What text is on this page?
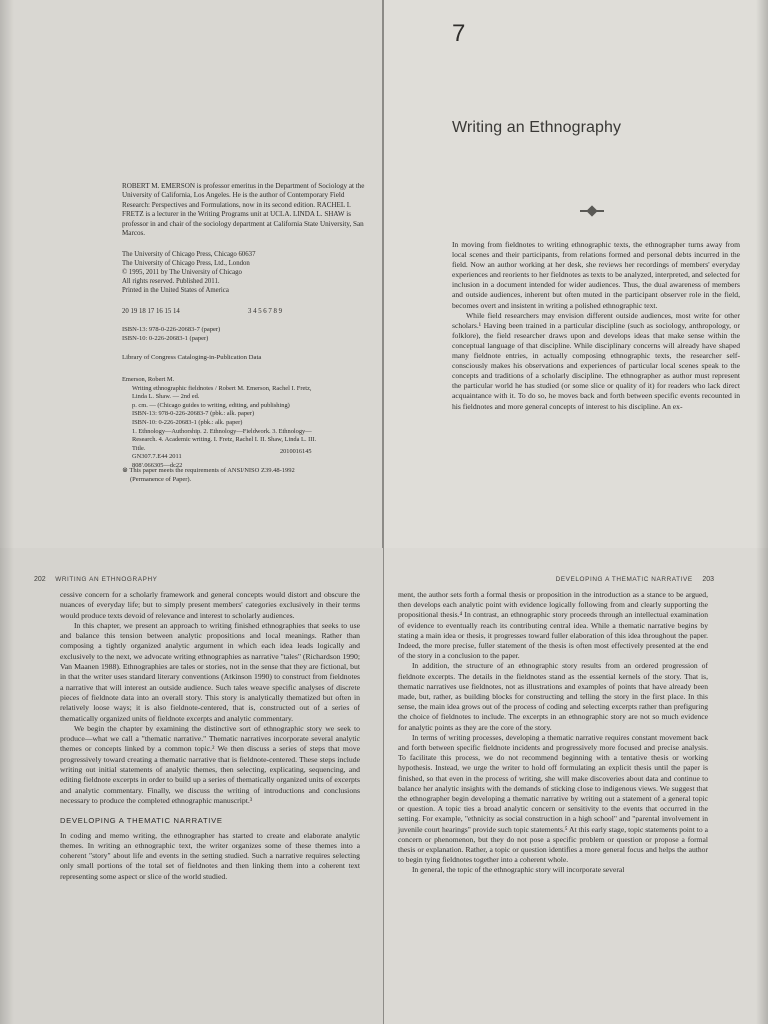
ROBERT M. EMERSON is professor emeritus in the Department of Sociology at the University of California, Los Angeles. He is the author of Contemporary Field Research: Perspectives and Formulations, now in its second edition. RACHEL I. FRETZ is a lecturer in the Writing Programs unit at UCLA. LINDA L. SHAW is professor in and chair of the sociology department at California State University, San Marcos.

The University of Chicago Press, Chicago 60637

The University of Chicago Press, Ltd., London

© 1995, 2011 by The University of Chicago

All rights reserved. Published 2011.

Printed in the United States of America

20 19 18 17 16 15 14	3 4 5 6 7 8 9

ISBN-13: 978-0-226-20683-7 (paper)

ISBN-10: 0-226-20683-1 (paper)

Library of Congress Cataloging-in-Publication Data

Emerson, Robert M.

Writing ethnographic fieldnotes / Robert M. Emerson, Rachel I. Fretz,

Linda L. Shaw. — 2nd ed.

p. cm. — (Chicago guides to writing, editing, and publishing)

ISBN-13: 978-0-226-20683-7 (pbk.: alk. paper)

ISBN-10: 0-226-20683-1 (pbk.: alk. paper)

1. Ethnology—Authorship. 2. Ethnology—Fieldwork. 3. Ethnology—

Research. 4. Academic writing. I. Fretz, Rachel I. II. Shaw, Linda L. III. Title.

GN307.7.E44 2011

808'.066305—dc22

2010016145

⊚ This paper meets the requirements of ANSI/NISO Z39.48-1992

(Permanence of Paper).

7
Writing an Ethnography

In moving from fieldnotes to writing ethnographic texts, the ethnographer turns away from local scenes and their participants, from relations formed and personal debts incurred in the field. Now an author working at her desk, she reviews her recordings of members' everyday experiences and reorients to her fieldnotes as texts to be analyzed, interpreted, and selected for inclusion in a document intended for wider audiences. Thus, the dual awareness of members and outside audiences, inherent but often muted in the participant observer role in the field, becomes overt and insistent in writing a polished ethnographic text.

While field researchers may envision different outside audiences, most write for other scholars.¹ Having been trained in a particular discipline (such as sociology, anthropology, or folklore), the field researcher draws upon and develops ideas that make sense within the conceptual language of that discipline. While disciplinary concerns will already have shaped many fieldnote entries, in actually composing ethnographic texts, the researcher self-consciously makes his observations and experiences of particular local scenes speak to the concepts and traditions of a scholarly discipline. The ethnographer as author must represent the particular world he has studied (or some slice or quality of it) for readers who lack direct acquaintance with it. To do so, he moves back and forth between specific events recounted in his fieldnotes and more general concepts of interest to his discipline. An ex-

202 WRITING AN ETHNOGRAPHY

cessive concern for a scholarly framework and general concepts would distort and obscure the nuances of everyday life; but to simply present members' categories exclusively in their terms would produce texts devoid of relevance and interest to scholarly audiences.

In this chapter, we present an approach to writing finished ethnographies that seeks to use and balance this tension between analytic propositions and local meanings. Rather than composing a tightly organized analytic argument in which each idea leads logically and exclusively to the next, we advocate writing ethnographies as narrative "tales" (Richardson 1990; Van Maanen 1988). Ethnographies are tales or stories, not in the sense that they are fictional, but in that the writer uses standard literary conventions (Atkinson 1990) to construct from fieldnotes a narrative that will interest an outside audience. Such tales weave specific analyses of discrete pieces of fieldnote data into an overall story. This story is analytically thematized but often in relatively loose ways; it is also fieldnote-centered, that is, constructed out of a series of thematically organized units of fieldnote excerpts and analytic commentary.

We begin the chapter by examining the distinctive sort of ethnographic story we seek to produce—what we call a "thematic narrative." Thematic narratives incorporate several analytic themes or concepts linked by a common topic.² We then discuss a series of steps that move progressively toward creating a thematic narrative that is fieldnote-centered. These steps include writing out initial statements of analytic themes, then selecting, explicating, sequencing, and editing fieldnote excerpts in order to build up a series of thematically organized units of excerpts and analytic commentary. Finally, we discuss the writing of introductions and conclusions necessary to produce the completed ethnographic manuscript.³

DEVELOPING A THEMATIC NARRATIVE

In coding and memo writing, the ethnographer has started to create and elaborate analytic themes. In writing an ethnographic text, the writer organizes some of these themes into a coherent "story" about life and events in the setting studied. Such a narrative requires selecting only small portions of the total set of fieldnotes and then linking them into a coherent text representing some aspect or slice of the world studied.

DEVELOPING A THEMATIC NARRATIVE 203

ment, the author sets forth a formal thesis or proposition in the introduction as a stance to be argued, then develops each analytic point with evidence logically following from and clearly supporting the propositional thesis.⁴ In contrast, an ethnographic story proceeds through an intellectual examination of evidence to eventually reach its contributing central idea. While a thematic narrative begins by stating a main idea or thesis, it progresses toward fuller elaboration of this idea throughout the paper. Indeed, the more precise, fuller statement of the thesis is often most effectively presented at the end of the story in a conclusion to the paper.

In addition, the structure of an ethnographic story results from an ordered progression of fieldnote excerpts. The details in the fieldnotes stand as the essential kernels of the story. That is, thematic narratives use fieldnotes, not as illustrations and examples of points that have already been made, but, rather, as building blocks for constructing and telling the story in the first place. In this sense, the main idea grows out of the process of coding and selecting excerpts rather than prefiguring the choice of fieldnotes to include. The excerpts in an ethnographic story are not so much evidence for analytic points as they are the core of the story.

In terms of writing processes, developing a thematic narrative requires constant movement back and forth between specific fieldnote incidents and progressively more focused and precise analysis. To facilitate this process, we do not recommend beginning with a tentative thesis or working hypothesis. Instead, we urge the writer to hold off formulating an explicit thesis until the paper is finished, so that even in the process of writing, she will make discoveries about data and continue to balance her analytic insights with the demands of sticking close to indigenous views. We suggest that the ethnographer begin developing a thematic narrative by writing out a statement of a general topic or question. A topic ties a broad analytic concern or sensitivity to the events that occurred in the setting. For example, "ethnicity as social construction in a high school" and "parental involvement in juvenile court hearings" provide such topic statements.⁵ At this early stage, topic statements point to a concern or phenomenon, but they do not pose a specific problem or question or propose a formal thesis or explanation. Rather, a topic or question identifies a more general focus and helps the author to begin tying fieldnotes together into a coherent whole.

In general, the topic of the ethnographic story will incorporate several
